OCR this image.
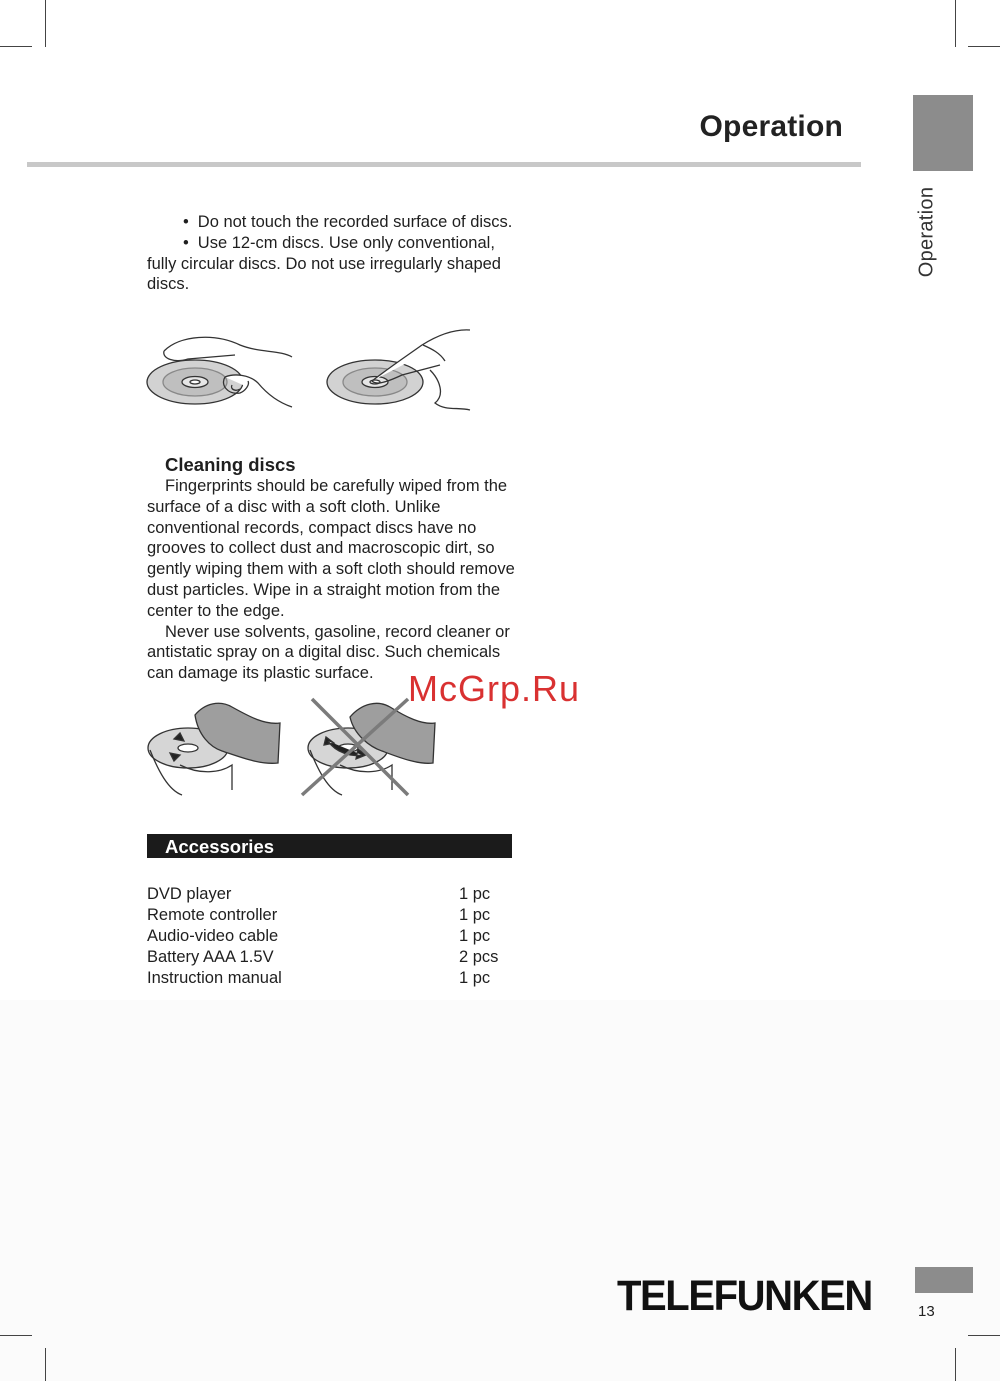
Operation
Operation

• Do not touch the recorded surface of discs.

• Use 12-cm discs. Use only conventional, fully circular discs. Do not use irregularly shaped discs.

Cleaning discs

Fingerprints should be carefully wiped from the surface of a disc with a soft cloth. Unlike conventional records, compact discs have no grooves to collect dust and macroscopic dirt, so gently wiping them with a soft cloth should remove dust particles. Wipe in a straight motion from the center to the edge.

Never use solvents, gasoline, record cleaner or antistatic spray on a digital disc. Such chemicals can damage its plastic surface.

Accessories
DVD player	1 pc
Remote controller	1 pc
Audio-video cable	1 pc
Battery AAA 1.5V	2 pcs
Instruction manual	1 pc
McGrp.Ru
TELEFUNKEN	13
